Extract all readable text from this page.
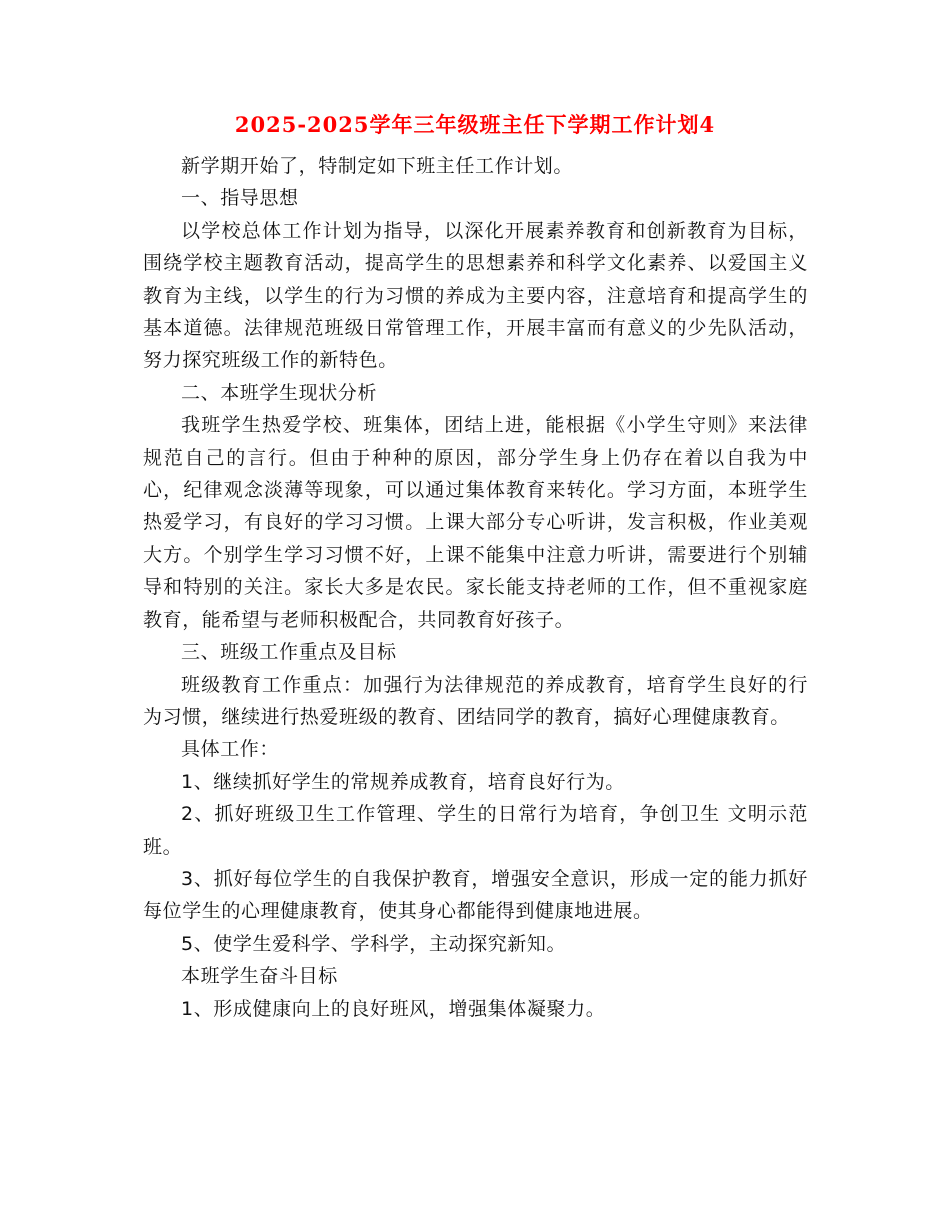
2025-2025学年三年级班主任下学期工作计划4

新学期开始了，特制定如下班主任工作计划。

一、指导思想

以学校总体工作计划为指导，以深化开展素养教育和创新教育为目标，围绕学校主题教育活动，提高学生的思想素养和科学文化素养、以爱国主义教育为主线，以学生的行为习惯的养成为主要内容，注意培育和提高学生的基本道德。法律规范班级日常管理工作，开展丰富而有意义的少先队活动，努力探究班级工作的新特色。

二、本班学生现状分析

我班学生热爱学校、班集体，团结上进，能根据《小学生守则》来法律规范自己的言行。但由于种种的原因，部分学生身上仍存在着以自我为中心，纪律观念淡薄等现象，可以通过集体教育来转化。学习方面，本班学生热爱学习，有良好的学习习惯。上课大部分专心听讲，发言积极，作业美观大方。个别学生学习习惯不好，上课不能集中注意力听讲，需要进行个别辅导和特别的关注。家长大多是农民。家长能支持老师的工作，但不重视家庭教育，能希望与老师积极配合，共同教育好孩子。

三、班级工作重点及目标

班级教育工作重点：加强行为法律规范的养成教育，培育学生良好的行为习惯，继续进行热爱班级的教育、团结同学的教育，搞好心理健康教育。

具体工作：

1、继续抓好学生的常规养成教育，培育良好行为。

2、抓好班级卫生工作管理、学生的日常行为培育，争创卫生 文明示范班。

3、抓好每位学生的自我保护教育，增强安全意识，形成一定的能力抓好每位学生的心理健康教育，使其身心都能得到健康地进展。

5、使学生爱科学、学科学，主动探究新知。

本班学生奋斗目标

1、形成健康向上的良好班风，增强集体凝聚力。
